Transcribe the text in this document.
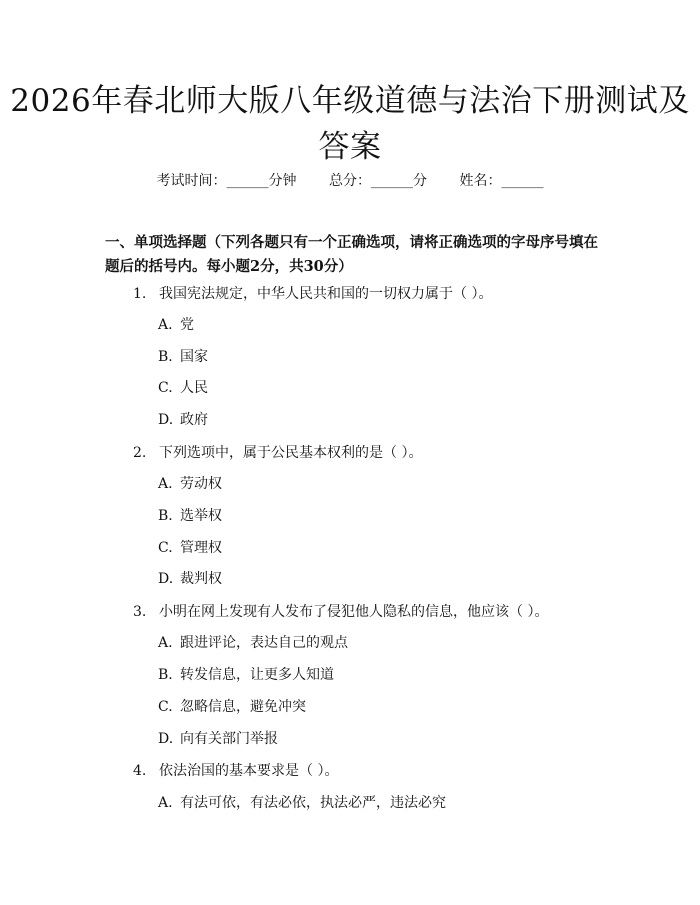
2026年春北师大版八年级道德与法治下册测试及答案
考试时间：______分钟 总分：______分 姓名：______
一、单项选择题（下列各题只有一个正确选项，请将正确选项的字母序号填在题后的括号内。每小题2分，共30分）
1. 我国宪法规定，中华人民共和国的一切权力属于（ ）。
A. 党
B. 国家
C. 人民
D. 政府
2. 下列选项中，属于公民基本权利的是（ ）。
A. 劳动权
B. 选举权
C. 管理权
D. 裁判权
3. 小明在网上发现有人发布了侵犯他人隐私的信息，他应该（ ）。
A. 跟进评论，表达自己的观点
B. 转发信息，让更多人知道
C. 忽略信息，避免冲突
D. 向有关部门举报
4. 依法治国的基本要求是（ ）。
A. 有法可依，有法必依，执法必严，违法必究
